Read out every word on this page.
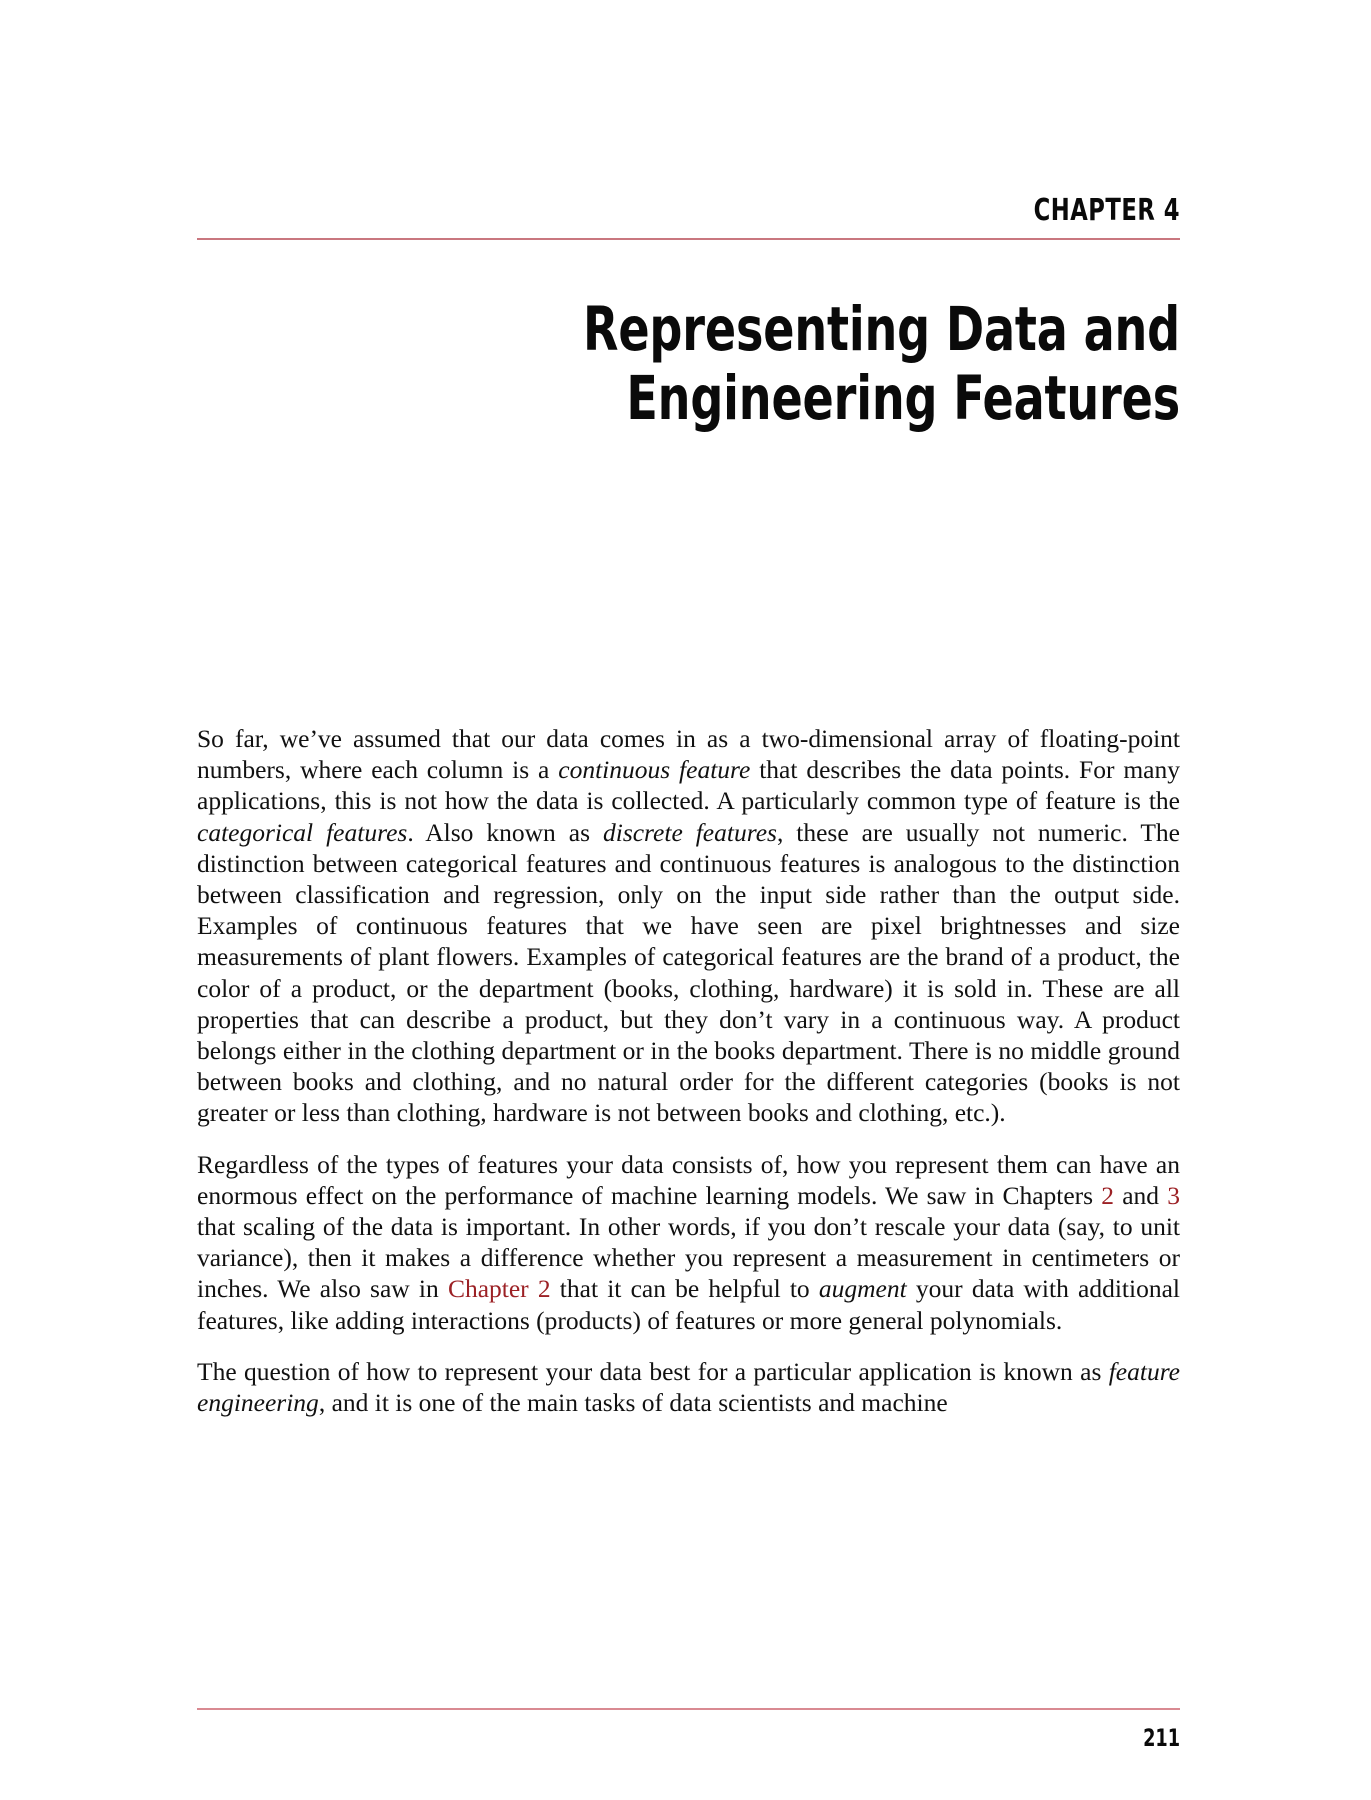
CHAPTER 4
Representing Data and
Engineering Features

So far, we’ve assumed that our data comes in as a two-dimensional array of floating-point numbers, where each column is a continuous feature that describes the data points. For many applications, this is not how the data is collected. A particularly common type of feature is the categorical features. Also known as discrete features, these are usually not numeric. The distinction between categorical features and continuous features is analogous to the distinction between classification and regression, only on the input side rather than the output side. Examples of continuous features that we have seen are pixel brightnesses and size measurements of plant flowers. Examples of categorical features are the brand of a product, the color of a product, or the department (books, clothing, hardware) it is sold in. These are all properties that can describe a product, but they don’t vary in a continuous way. A product belongs either in the clothing department or in the books department. There is no middle ground between books and clothing, and no natural order for the different categories (books is not greater or less than clothing, hardware is not between books and clothing, etc.).

Regardless of the types of features your data consists of, how you represent them can have an enormous effect on the performance of machine learning models. We saw in Chapters 2 and 3 that scaling of the data is important. In other words, if you don’t rescale your data (say, to unit variance), then it makes a difference whether you represent a measurement in centimeters or inches. We also saw in Chapter 2 that it can be helpful to augment your data with additional features, like adding interactions (products) of features or more general polynomials.

The question of how to represent your data best for a particular application is known as feature engineering, and it is one of the main tasks of data scientists and machine

211
